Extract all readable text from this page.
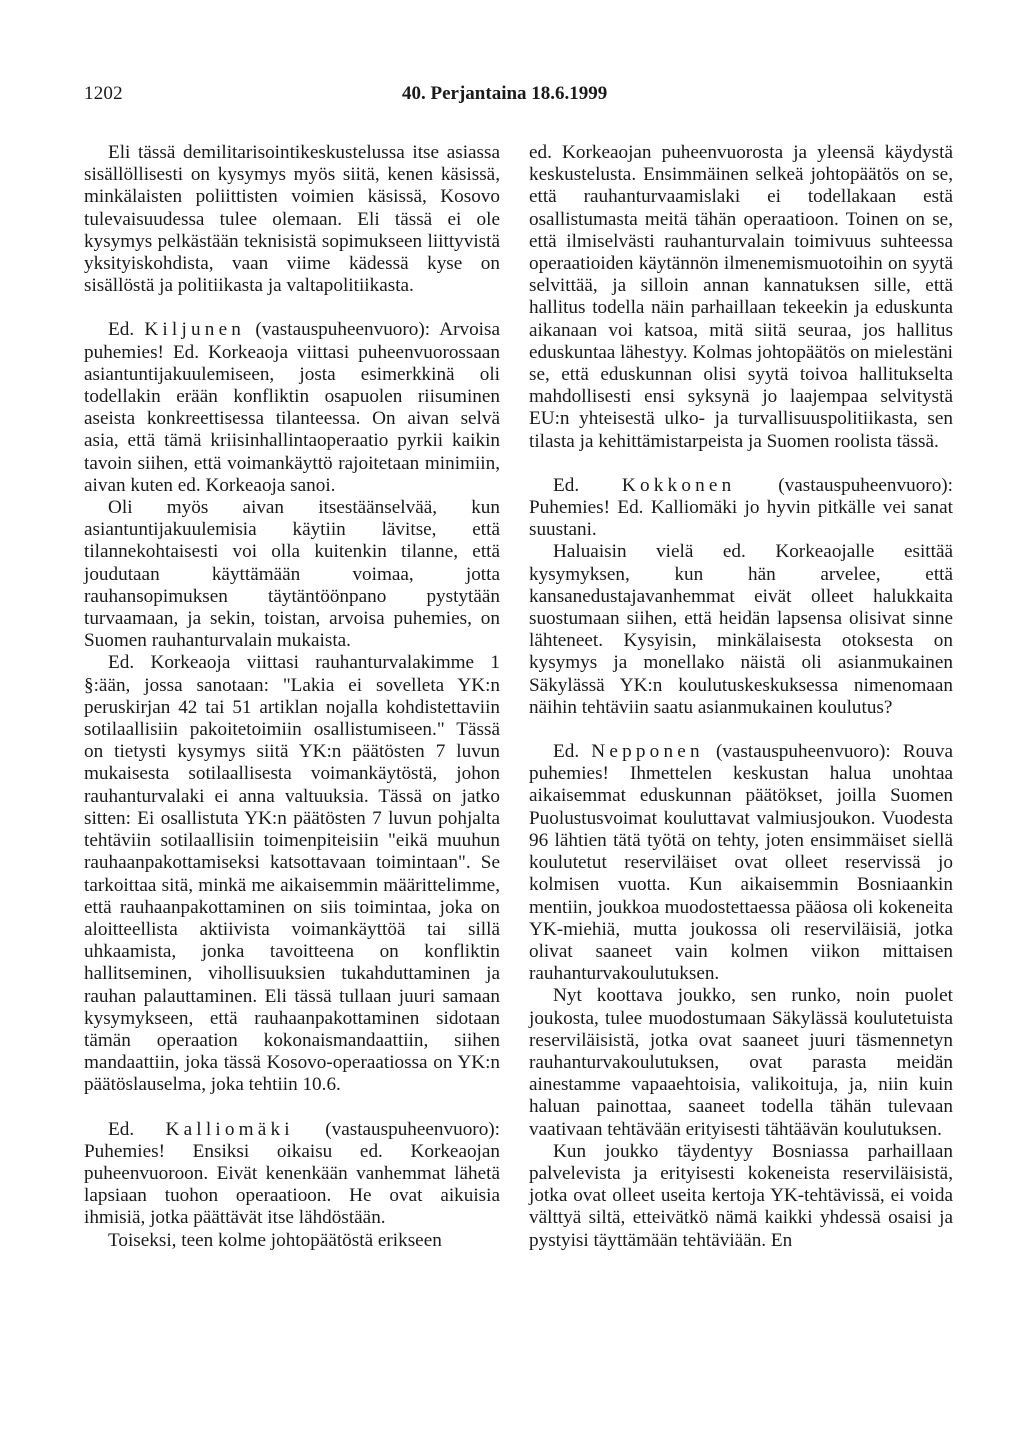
1202	40. Perjantaina 18.6.1999

Eli tässä demilitarisointikeskustelussa itse asiassa sisällöllisesti on kysymys myös siitä, kenen käsissä, minkälaisten poliittisten voimien käsissä, Kosovo tulevaisuudessa tulee olemaan. Eli tässä ei ole kysymys pelkästään teknisistä sopimukseen liittyvistä yksityiskohdista, vaan viime kädessä kyse on sisällöstä ja politiikasta ja valtapolitiikasta.

Ed. Kiljunen (vastauspuheenvuoro): Arvoisa puhemies! Ed. Korkeaoja viittasi puheenvuorossaan asiantuntijakuulemiseen, josta esimerkkinä oli todellakin erään konfliktin osapuolen riisuminen aseista konkreettisessa tilanteessa. On aivan selvä asia, että tämä kriisinhallintaoperaatio pyrkii kaikin tavoin siihen, että voimankäyttö rajoitetaan minimiin, aivan kuten ed. Korkeaoja sanoi.

Oli myös aivan itsestäänselvää, kun asiantuntijakuulemisia käytiin lävitse, että tilannekohtaisesti voi olla kuitenkin tilanne, että joudutaan käyttämään voimaa, jotta rauhansopimuksen täytäntöönpano pystytään turvaamaan, ja sekin, toistan, arvoisa puhemies, on Suomen rauhanturvalain mukaista.

Ed. Korkeaoja viittasi rauhanturvalakimme 1 §:ään, jossa sanotaan: "Lakia ei sovelleta YK:n peruskirjan 42 tai 51 artiklan nojalla kohdistettaviin sotilaallisiin pakoitetoimiin osallistumiseen." Tässä on tietysti kysymys siitä YK:n päätösten 7 luvun mukaisesta sotilaallisesta voimankäytöstä, johon rauhanturvalaki ei anna valtuuksia. Tässä on jatko sitten: Ei osallistuta YK:n päätösten 7 luvun pohjalta tehtäviin sotilaallisiin toimenpiteisiin "eikä muuhun rauhaanpakottamiseksi katsottavaan toimintaan". Se tarkoittaa sitä, minkä me aikaisemmin määrittelimme, että rauhaanpakottaminen on siis toimintaa, joka on aloitteellista aktiivista voimankäyttöä tai sillä uhkaamista, jonka tavoitteena on konfliktin hallitseminen, vihollisuuksien tukahduttaminen ja rauhan palauttaminen. Eli tässä tullaan juuri samaan kysymykseen, että rauhaanpakottaminen sidotaan tämän operaation kokonaismandaattiin, siihen mandaattiin, joka tässä Kosovo-operaatiossa on YK:n päätöslauselma, joka tehtiin 10.6.

Ed. Kalliomäki (vastauspuheenvuoro): Puhemies! Ensiksi oikaisu ed. Korkeaojan puheenvuoroon. Eivät kenenkään vanhemmat lähetä lapsiaan tuohon operaatioon. He ovat aikuisia ihmisiä, jotka päättävät itse lähdöstään.

Toiseksi, teen kolme johtopäätöstä erikseen

ed. Korkeaojan puheenvuorosta ja yleensä käydystä keskustelusta. Ensimmäinen selkeä johtopäätös on se, että rauhanturvaamislaki ei todellakaan estä osallistumasta meitä tähän operaatioon. Toinen on se, että ilmiselvästi rauhanturvalain toimivuus suhteessa operaatioiden käytännön ilmenemismuotoihin on syytä selvittää, ja silloin annan kannatuksen sille, että hallitus todella näin parhaillaan tekeekin ja eduskunta aikanaan voi katsoa, mitä siitä seuraa, jos hallitus eduskuntaa lähestyy. Kolmas johtopäätös on mielestäni se, että eduskunnan olisi syytä toivoa hallitukselta mahdollisesti ensi syksynä jo laajempaa selvitystä EU:n yhteisestä ulko- ja turvallisuuspolitiikasta, sen tilasta ja kehittämistarpeista ja Suomen roolista tässä.

Ed. Kokkonen (vastauspuheenvuoro): Puhemies! Ed. Kalliomäki jo hyvin pitkälle vei sanat suustani.

Haluaisin vielä ed. Korkeaojalle esittää kysymyksen, kun hän arvelee, että kansanedustajavanhemmat eivät olleet halukkaita suostumaan siihen, että heidän lapsensa olisivat sinne lähteneet. Kysyisin, minkälaisesta otoksesta on kysymys ja monellako näistä oli asianmukainen Säkylässä YK:n koulutuskeskuksessa nimenomaan näihin tehtäviin saatu asianmukainen koulutus?

Ed. Nepponen (vastauspuheenvuoro): Rouva puhemies! Ihmettelen keskustan halua unohtaa aikaisemmat eduskunnan päätökset, joilla Suomen Puolustusvoimat kouluttavat valmiusjoukon. Vuodesta 96 lähtien tätä työtä on tehty, joten ensimmäiset siellä koulutetut reserviläiset ovat olleet reservissä jo kolmisen vuotta. Kun aikaisemmin Bosniaankin mentiin, joukkoa muodostettaessa pääosa oli kokeneita YK-miehiä, mutta joukossa oli reserviläisiä, jotka olivat saaneet vain kolmen viikon mittaisen rauhanturvakoulutuksen.

Nyt koottava joukko, sen runko, noin puolet joukosta, tulee muodostumaan Säkylässä koulutetuista reserviläisistä, jotka ovat saaneet juuri täsmennetyn rauhanturvakoulutuksen, ovat parasta meidän ainestamme vapaaehtoisia, valikoituja, ja, niin kuin haluan painottaa, saaneet todella tähän tulevaan vaativaan tehtävään erityisesti tähtäävän koulutuksen.

Kun joukko täydentyy Bosniassa parhaillaan palvelevista ja erityisesti kokeneista reserviläisistä, jotka ovat olleet useita kertoja YK-tehtävissä, ei voida välttyä siltä, etteivätkö nämä kaikki yhdessä osaisi ja pystyisi täyttämään tehtäviään. En
